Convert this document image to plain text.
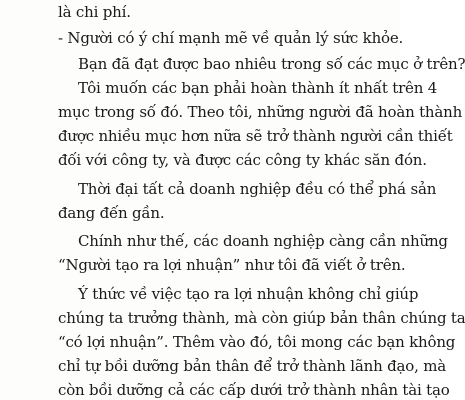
là chi phí.
- Người có ý chí mạnh mẽ về quản lý sức khỏe.
Bạn đã đạt được bao nhiêu trong số các mục ở trên?
Tôi muốn các bạn phải hoàn thành ít nhất trên 4
mục trong số đó. Theo tôi, những người đã hoàn thành
được nhiều mục hơn nữa sẽ trở thành người cần thiết
đối với công ty, và được các công ty khác săn đón.
Thời đại tất cả doanh nghiệp đều có thể phá sản
đang đến gần.
Chính như thế, các doanh nghiệp càng cần những
“Người tạo ra lợi nhuận” như tôi đã viết ở trên.
Ý thức về việc tạo ra lợi nhuận không chỉ giúp
chúng ta trưởng thành, mà còn giúp bản thân chúng ta
“có lợi nhuận”. Thêm vào đó, tôi mong các bạn không
chỉ tự bồi dưỡng bản thân để trở thành lãnh đạo, mà
còn bồi dưỡng cả các cấp dưới trở thành nhân tài tạo
